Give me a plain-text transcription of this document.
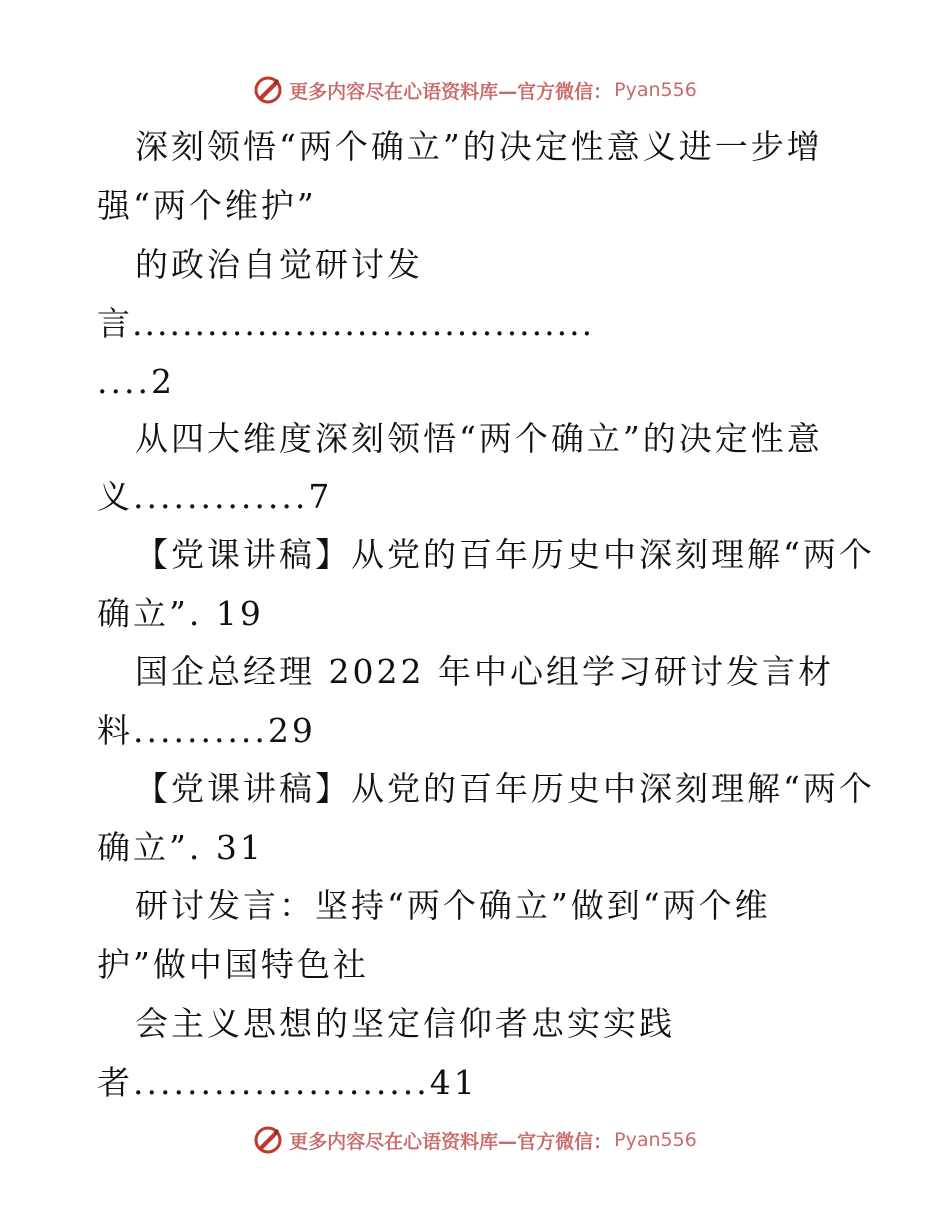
更多内容尽在心语资料库—官方微信： Pyan556
深刻领悟“两个确立”的决定性意义进一步增
强“两个维护”
的政治自觉研讨发
言.....................................
....2
从四大维度深刻领悟“两个确立”的决定性意
义.............7
【党课讲稿】从党的百年历史中深刻理解“两个
确立”. 19
国企总经理 2022 年中心组学习研讨发言材
料..........29
【党课讲稿】从党的百年历史中深刻理解“两个
确立”. 31
研讨发言：坚持“两个确立”做到“两个维
护”做中国特色社
会主义思想的坚定信仰者忠实实践
者......................41
更多内容尽在心语资料库—官方微信： Pyan556
